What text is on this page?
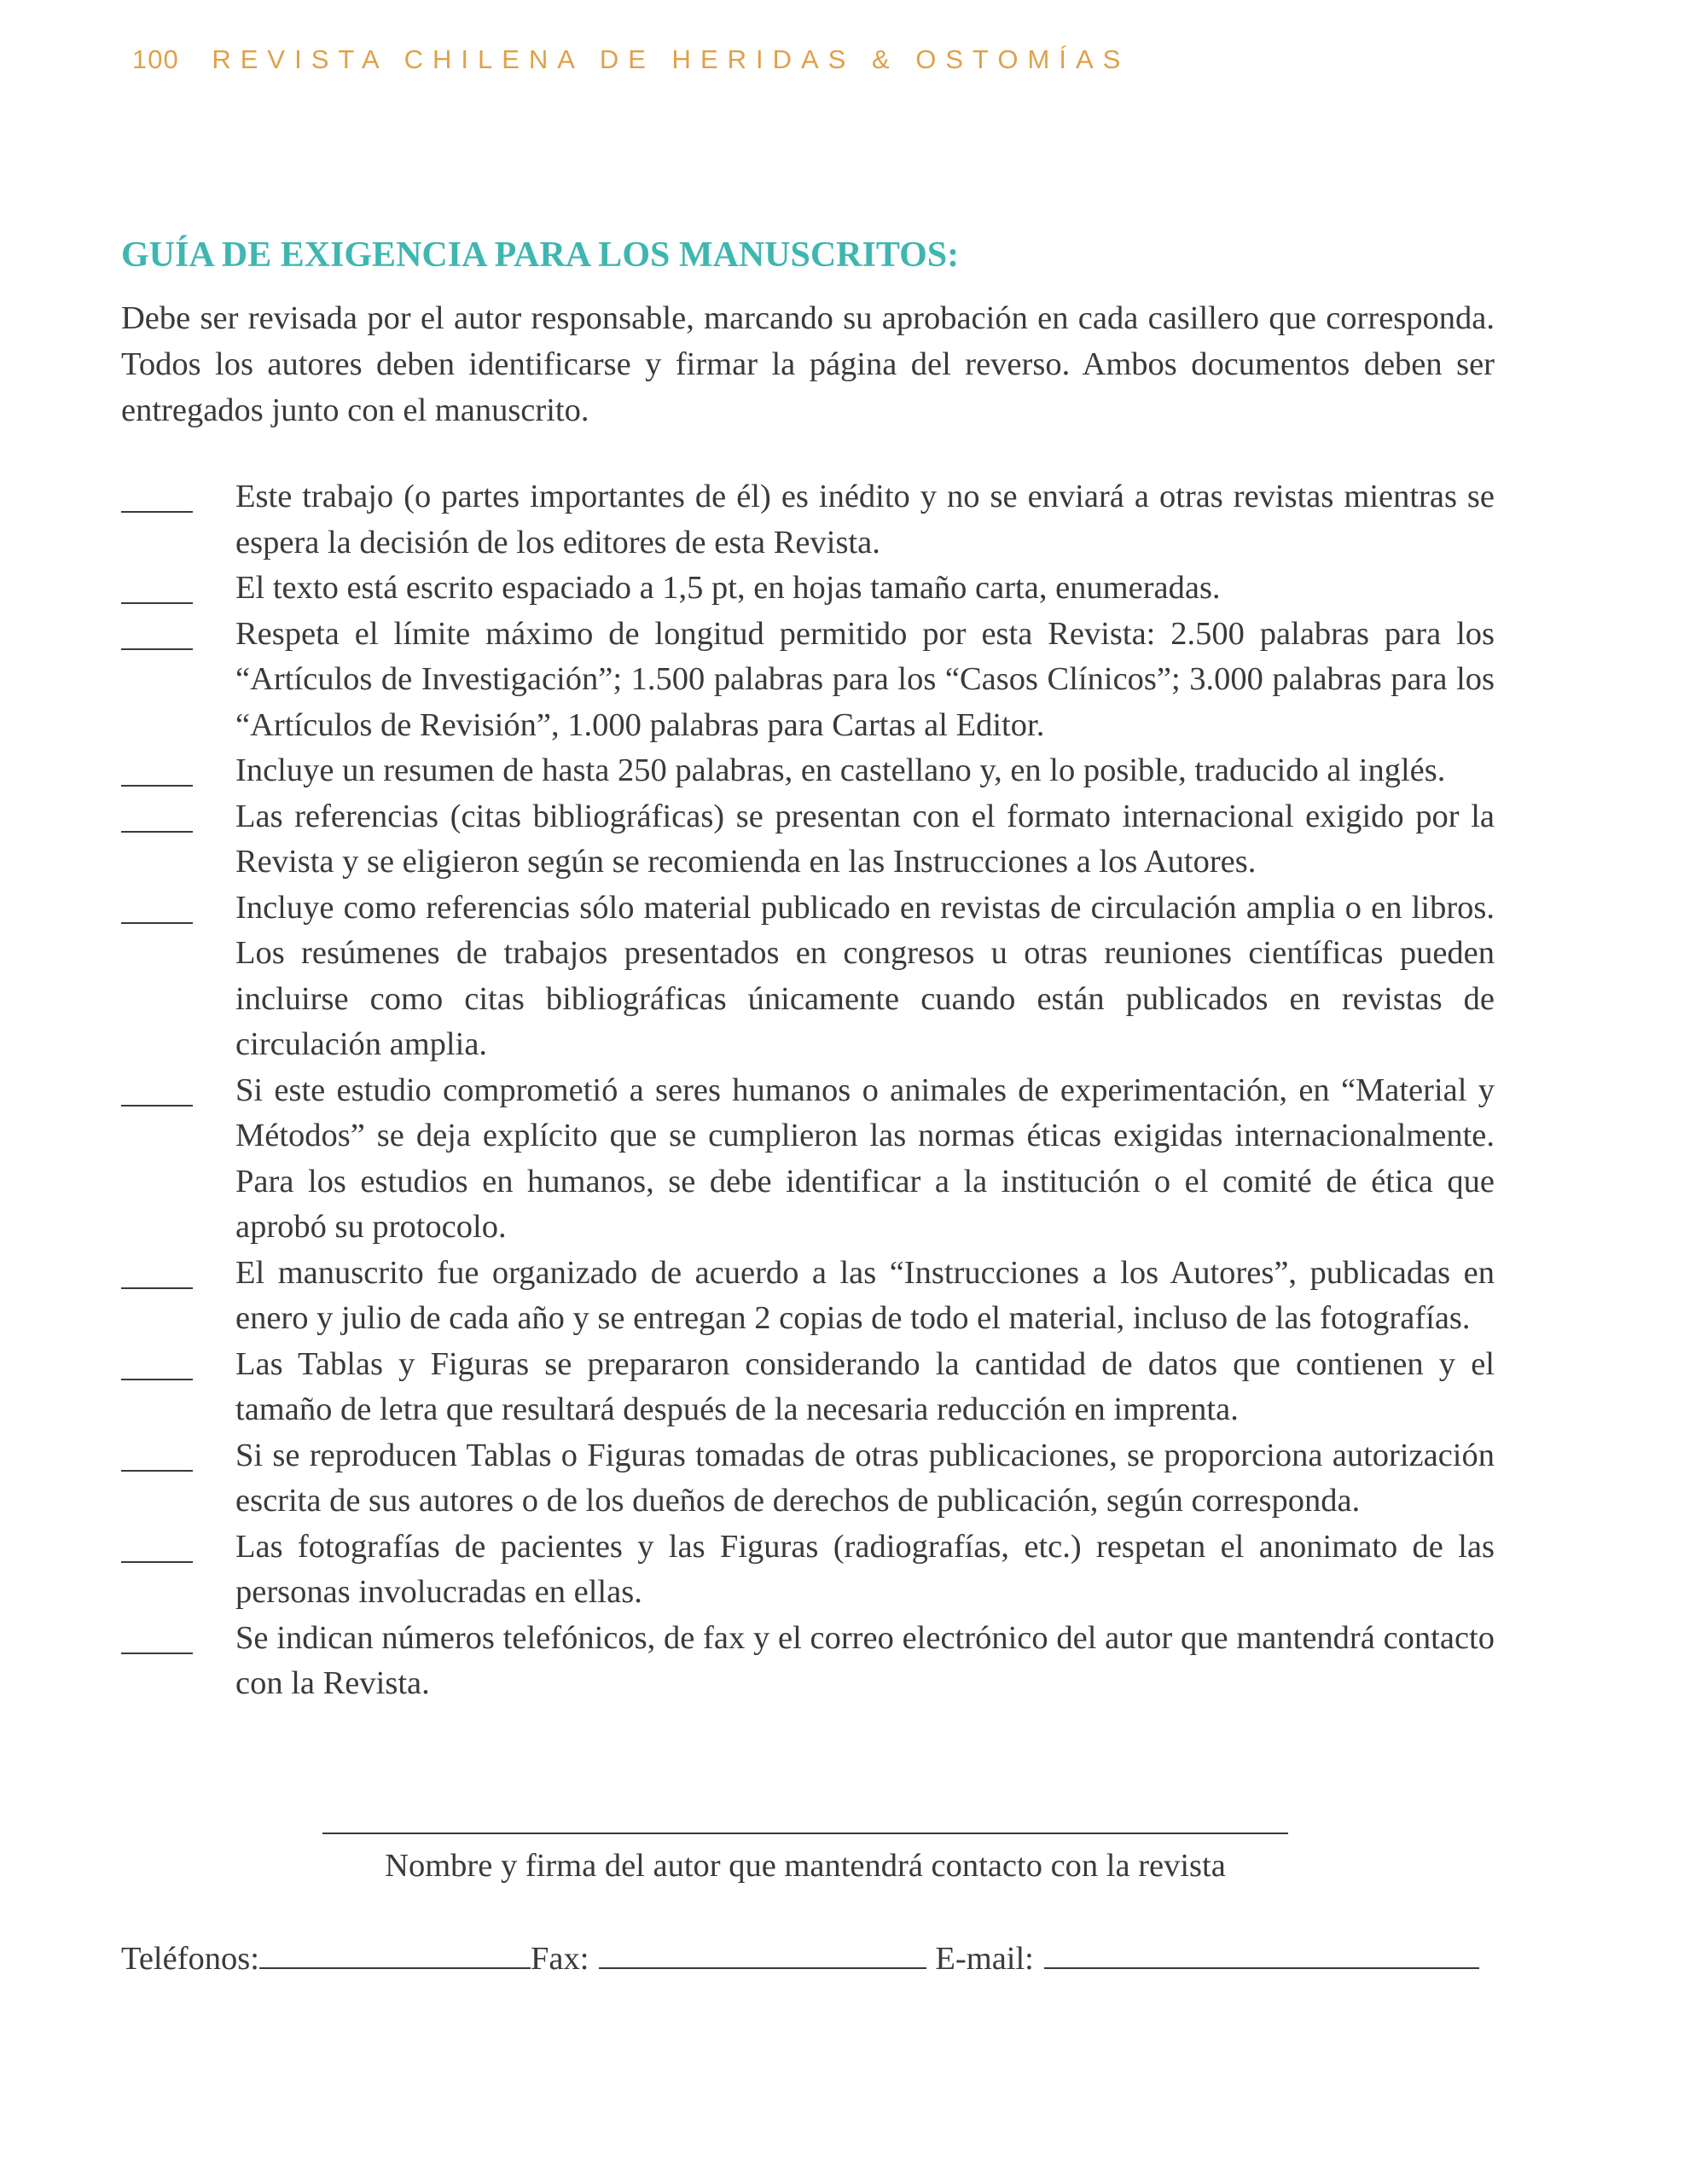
100 REVISTA CHILENA DE HERIDAS & OSTOMÍAS
GUÍA DE EXIGENCIA PARA LOS MANUSCRITOS:

Debe ser revisada por el autor responsable, marcando su aprobación en cada casillero que corresponda. Todos los autores deben identificarse y firmar la página del reverso. Ambos documentos deben ser entregados junto con el manuscrito.

Este trabajo (o partes importantes de él) es inédito y no se enviará a otras revistas mientras se espera la decisión de los editores de esta Revista.
El texto está escrito espaciado a 1,5 pt, en hojas tamaño carta, enumeradas.
Respeta el límite máximo de longitud permitido por esta Revista: 2.500 palabras para los “Artículos de Investigación”; 1.500 palabras para los “Casos Clínicos”; 3.000 palabras para los “Artículos de Revisión”, 1.000 palabras para Cartas al Editor.
Incluye un resumen de hasta 250 palabras, en castellano y, en lo posible, traducido al inglés.
Las referencias (citas bibliográficas) se presentan con el formato internacional exigido por la Revista y se eligieron según se recomienda en las Instrucciones a los Autores.
Incluye como referencias sólo material publicado en revistas de circulación amplia o en libros. Los resúmenes de trabajos presentados en congresos u otras reuniones científicas pueden incluirse como citas bibliográficas únicamente cuando están publicados en revistas de circulación amplia.
Si este estudio comprometió a seres humanos o animales de experimentación, en “Material y Métodos” se deja explícito que se cumplieron las normas éticas exigidas internacionalmente. Para los estudios en humanos, se debe identificar a la institución o el comité de ética que aprobó su protocolo.
El manuscrito fue organizado de acuerdo a las “Instrucciones a los Autores”, publicadas en enero y julio de cada año y se entregan 2 copias de todo el material, incluso de las fotografías.
Las Tablas y Figuras se prepararon considerando la cantidad de datos que contienen y el tamaño de letra que resultará después de la necesaria reducción en imprenta.
Si se reproducen Tablas o Figuras tomadas de otras publicaciones, se proporciona autorización escrita de sus autores o de los dueños de derechos de publicación, según corresponda.
Las fotografías de pacientes y las Figuras (radiografías, etc.) respetan el anonimato de las personas involucradas en ellas.
Se indican números telefónicos, de fax y el correo electrónico del autor que mantendrá contacto con la Revista.
Nombre y firma del autor que mantendrá contacto con la revista
Teléfonos:	Fax:	E-mail:
